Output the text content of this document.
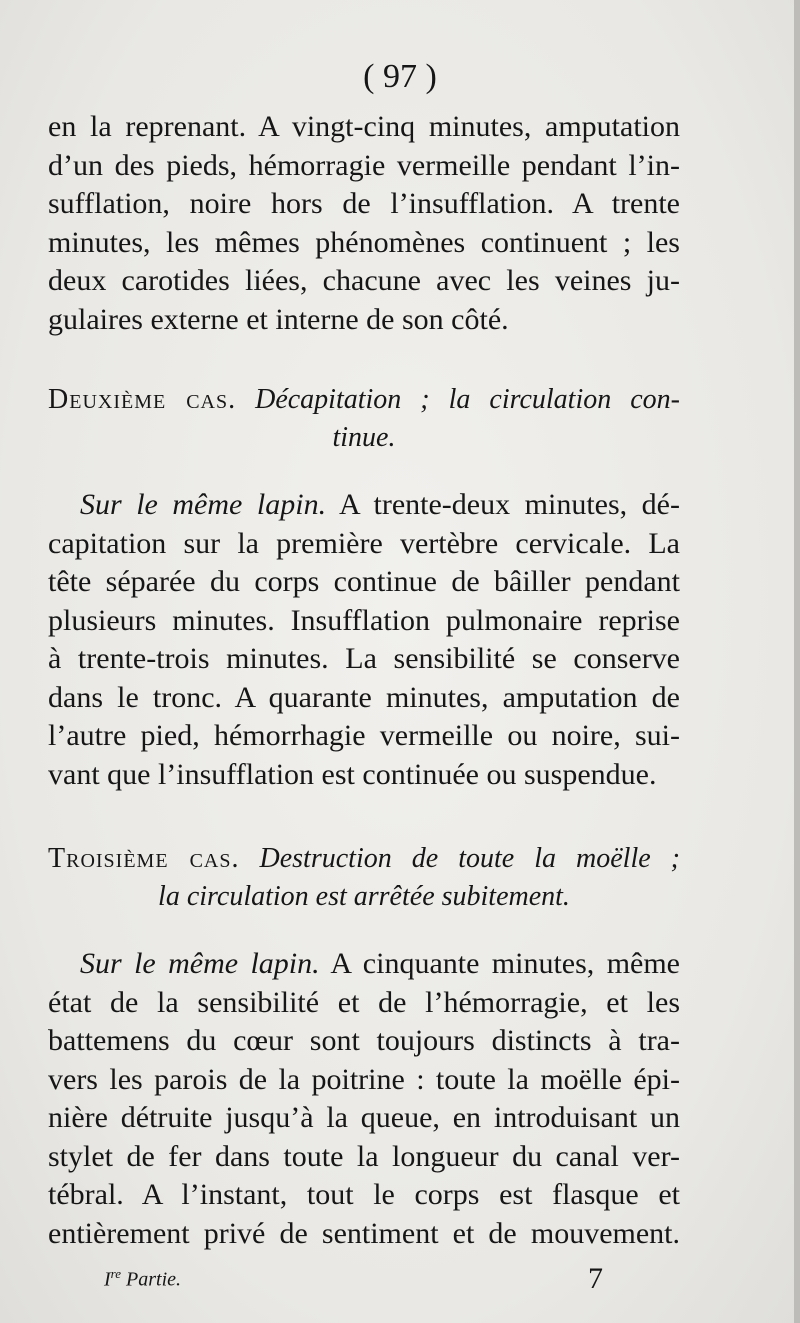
( 97 )
en la reprenant. A vingt-cinq minutes, amputation
d’un des pieds, hémorragie vermeille pendant l’in-
sufflation, noire hors de l’insufflation. A trente
minutes, les mêmes phénomènes continuent ; les
deux carotides liées, chacune avec les veines ju-
gulaires externe et interne de son côté.
Deuxième cas. Décapitation ; la circulation con-
tinue.
Sur le même lapin. A trente-deux minutes, dé-
capitation sur la première vertèbre cervicale. La
tête séparée du corps continue de bâiller pendant
plusieurs minutes. Insufflation pulmonaire reprise
à trente-trois minutes. La sensibilité se conserve
dans le tronc. A quarante minutes, amputation de
l’autre pied, hémorrhagie vermeille ou noire, sui-
vant que l’insufflation est continuée ou suspendue.
Troisième cas. Destruction de toute la moëlle ;
la circulation est arrêtée subitement.
Sur le même lapin. A cinquante minutes, même
état de la sensibilité et de l’hémorragie, et les
battemens du cœur sont toujours distincts à tra-
vers les parois de la poitrine : toute la moëlle épi-
nière détruite jusqu’à la queue, en introduisant un
stylet de fer dans toute la longueur du canal ver-
tébral. A l’instant, tout le corps est flasque et
entièrement privé de sentiment et de mouvement.
Ire Partie.	7
